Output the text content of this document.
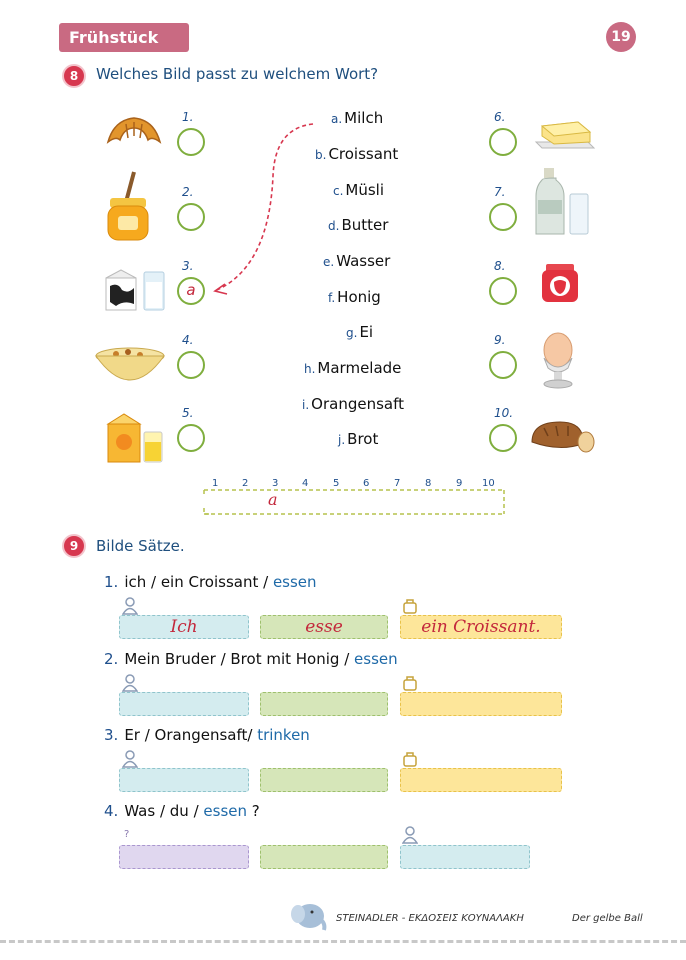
Frühstück	19
8	Welches Bild passt zu welchem Wort?
1.
2.
3.
a
4.
5.
a. Milch
b. Croissant
c. Müsli
d. Butter
e. Wasser
f. Honig
g. Ei
h. Marmelade
i. Orangensaft
j. Brot
6.
7.
8.
9.
10.
1 2 3 4 5 6 7 8 9 10
a
9	Bilde Sätze.
1. ich / ein Croissant / essen
2. Mein Bruder / Brot mit Honig / essen
3. Er / Orangensaft/ trinken
4. Was / du / essen ?
?
Ich	esse	ein Croissant.
STEINADLER - ΕΚΔΟΣΕΙΣ ΚΟΥΝΑΛΑΚΗ	Der gelbe Ball
